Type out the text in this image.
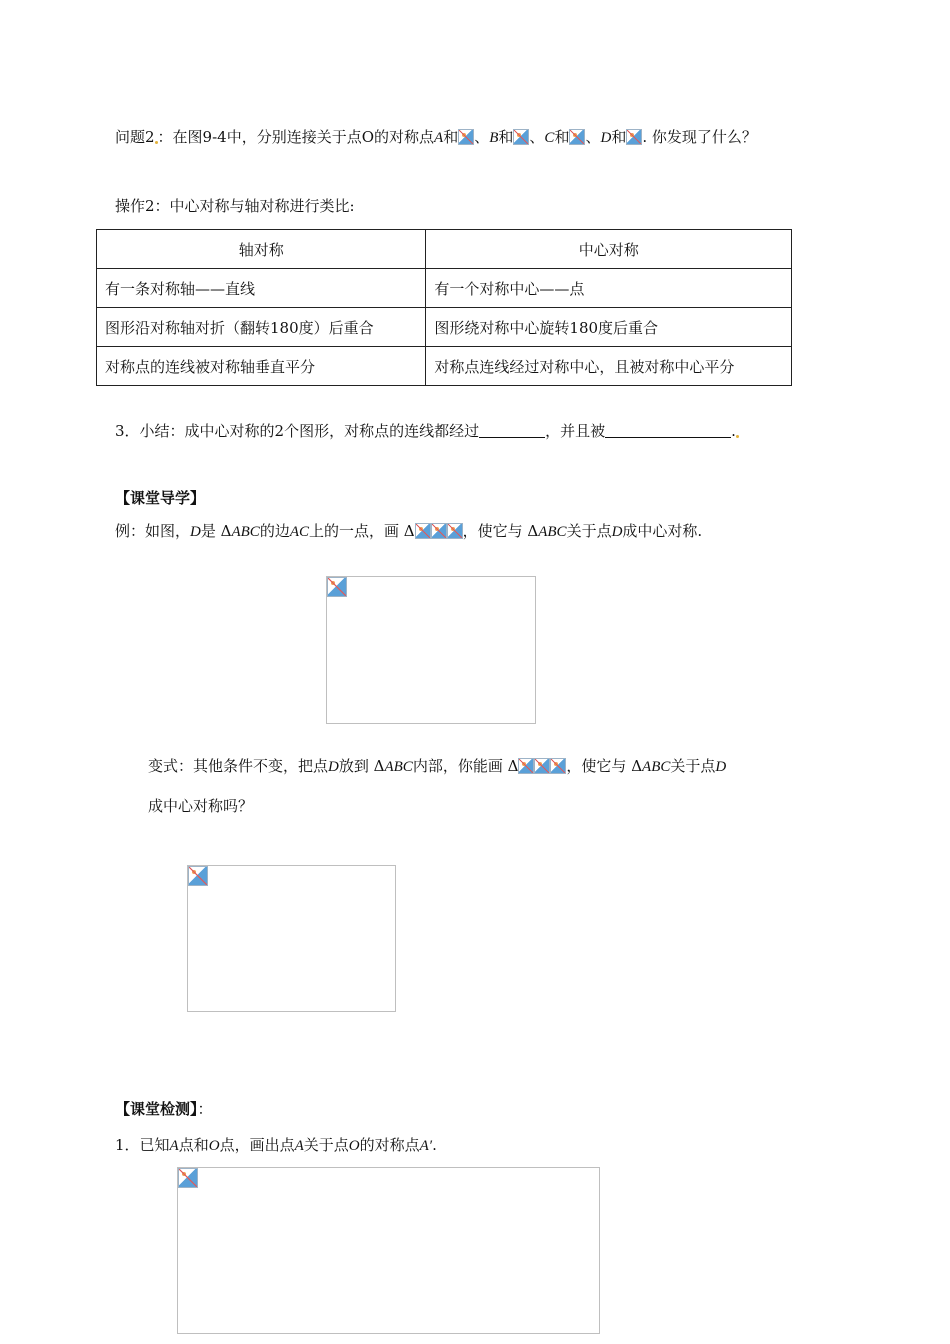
问题2 ：在图9-4中，分别连接关于点O的对称点A和 、B和 、C和 、D和 . 你发现了什么？
操作2：中心对称与轴对称进行类比:
轴对称	中心对称
有一条对称轴——直线	有一个对称中心——点
图形沿对称轴对折（翻转180度）后重合	图形绕对称中心旋转180度后重合
对称点的连线被对称轴垂直平分	对称点连线经过对称中心，且被对称中心平分
3．小结：成中心对称的2个图形，对称点的连线都经过	，并且被	.
【课堂导学】
例：如图，D是 ΔABC的边AC上的一点，画 Δ	，使它与 ΔABC关于点D成中心对称.
变式：其他条件不变，把点D放到 ΔABC内部，你能画 Δ	，使它与 ΔABC关于点D
成中心对称吗？
【课堂检测】：
1．已知A点和O点，画出点A关于点O的对称点A′.
